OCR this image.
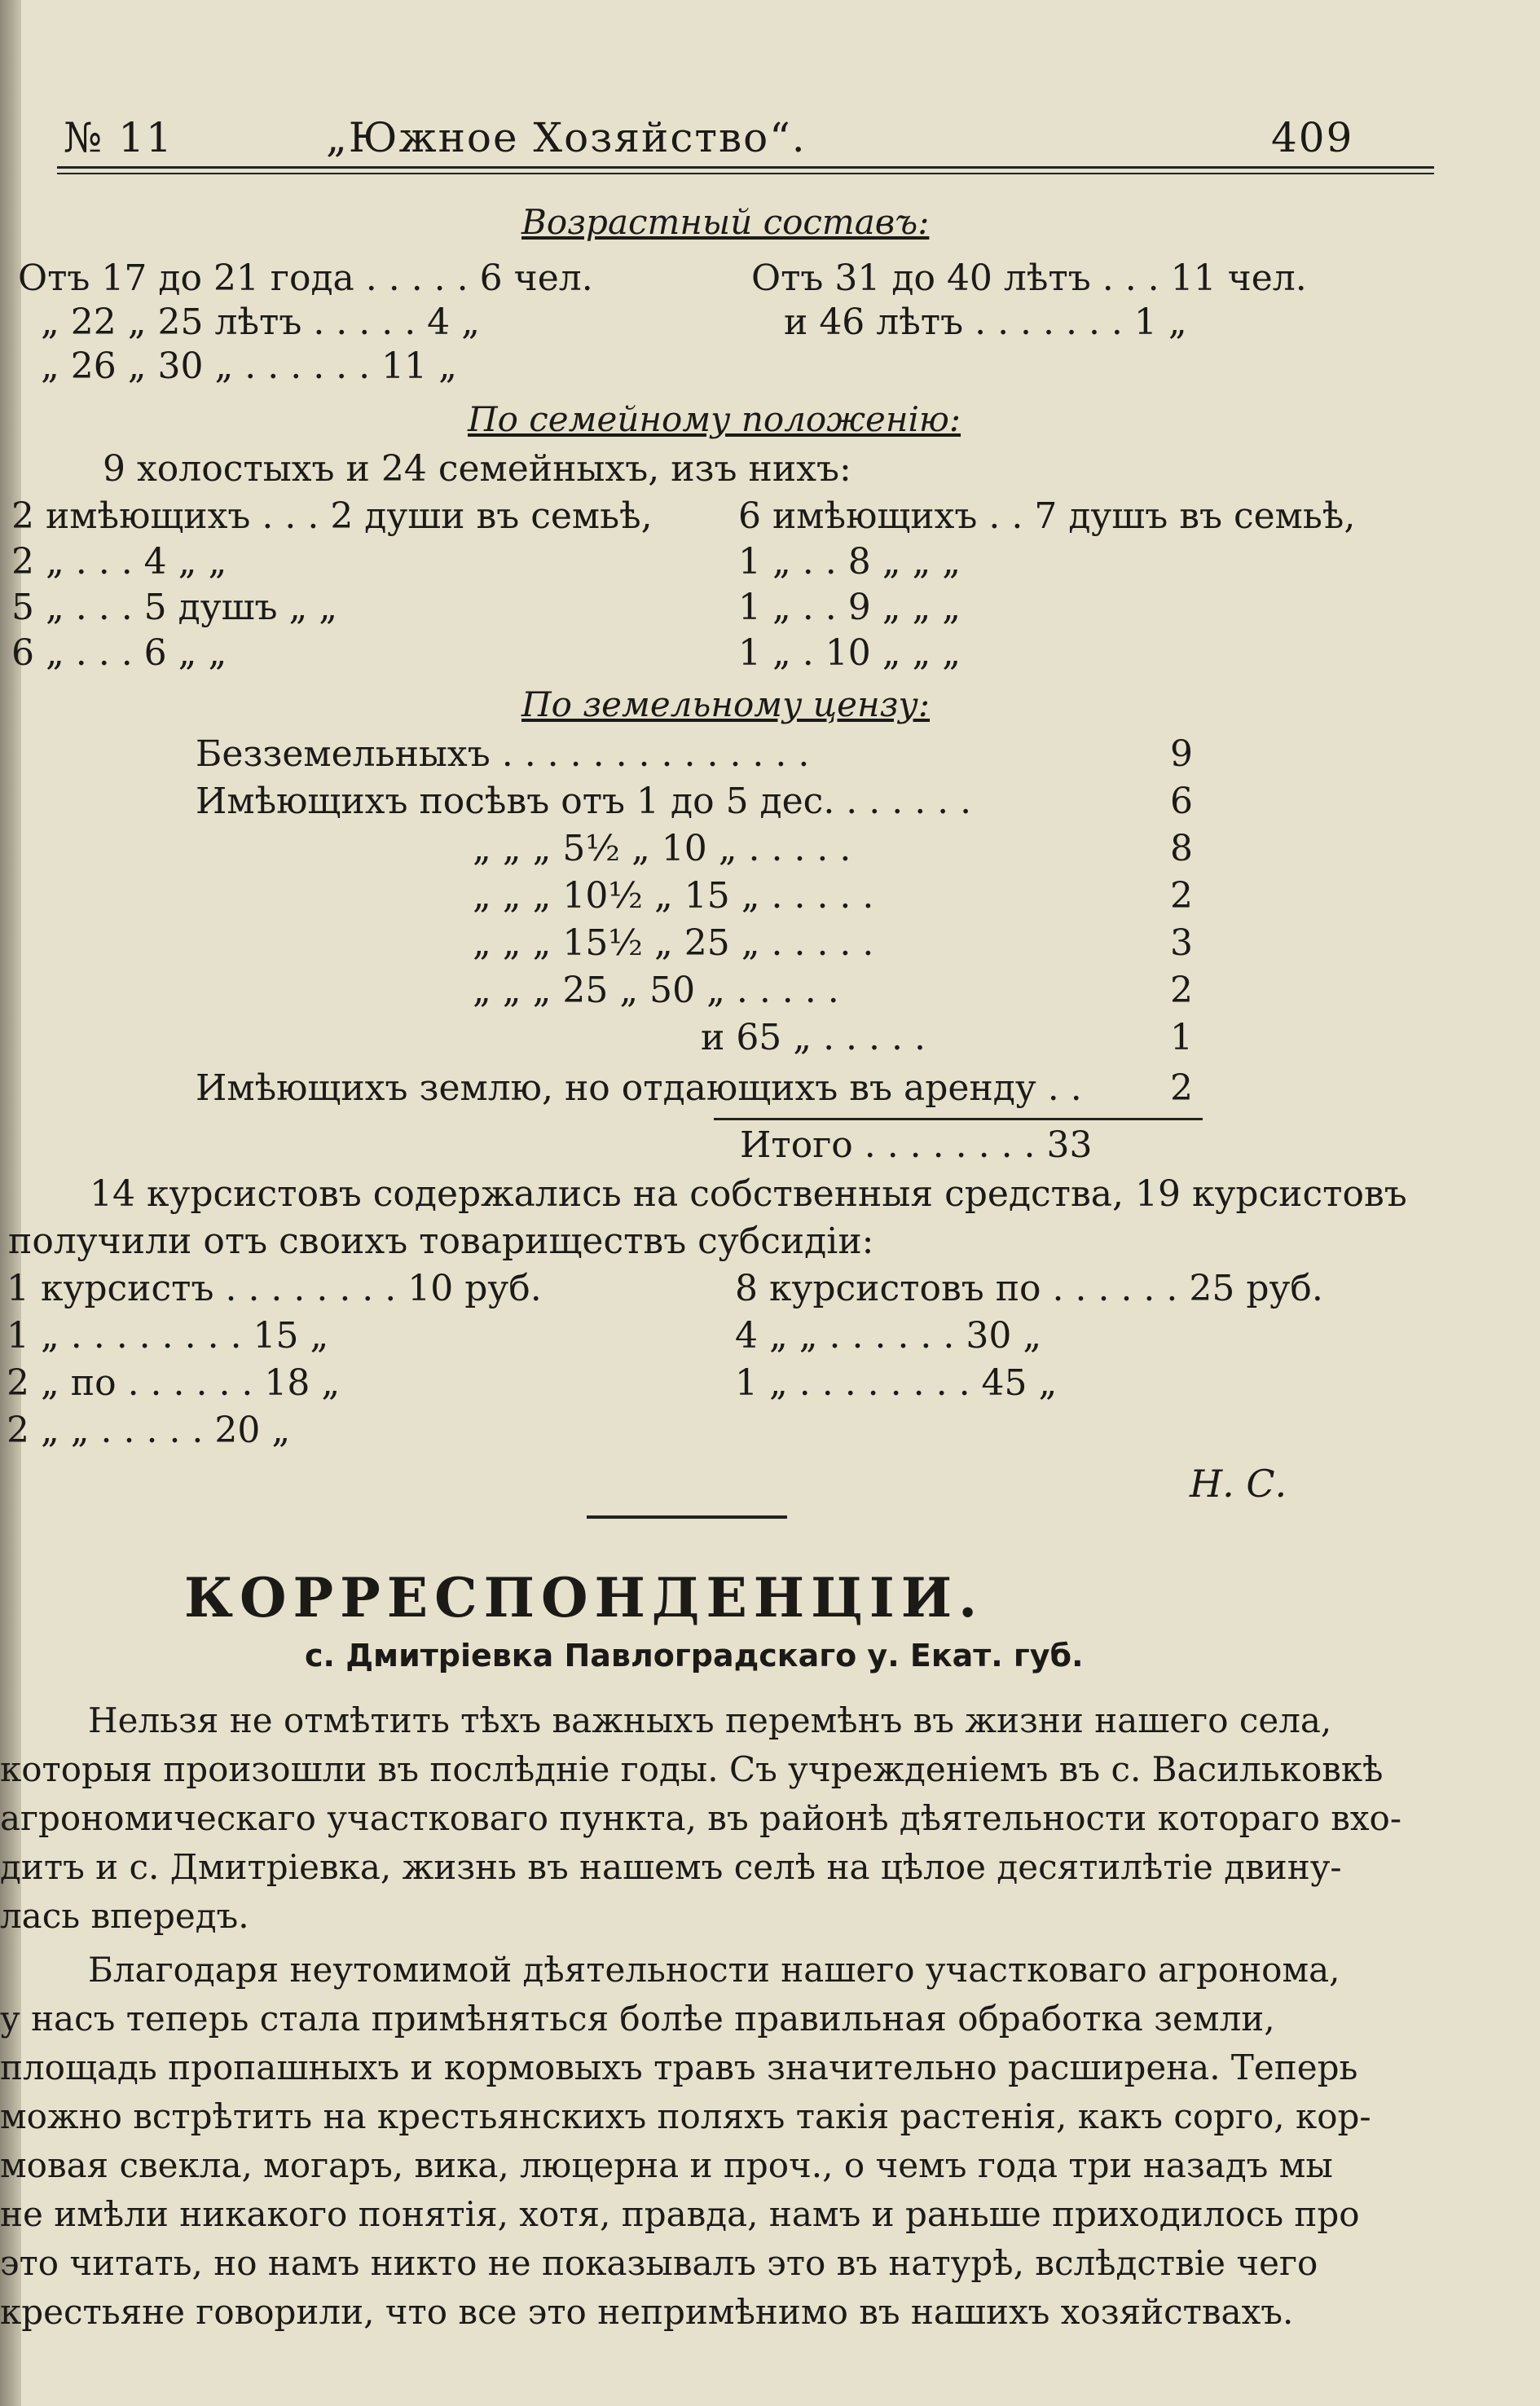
№ 11	„Южное Хозяйство“.	409
Возрастный составъ:
Отъ 17 до 21 года . . . . . 6 чел.	Отъ 31 до 40 лѣтъ . . . 11 чел.
„ 22 „ 25 лѣтъ . . . . . 4 „	и 46 лѣтъ . . . . . . . 1 „
„ 26 „ 30 „ . . . . . . 11 „
По семейному положенію:
9 холостыхъ и 24 семейныхъ, изъ нихъ:
2 имѣющихъ . . . 2 души въ семьѣ, 6 имѣющихъ . . 7 душъ въ семьѣ,
2 „ . . . 4 „ „	1 „ . . 8 „ „ „
5 „ . . . 5 душъ „ „	1 „ . . 9 „ „ „
6 „ . . . 6 „ „	1 „ . 10 „ „ „
По земельному цензу:
Безземельныхъ . . . . . . . . . . . . . .	9
Имѣющихъ посѣвъ отъ 1 до 5 дес. . . . . . .	6
„ „ „ 5½ „ 10 „ . . . . .	8
„ „ „ 10½ „ 15 „ . . . . .	2
„ „ „ 15½ „ 25 „ . . . . .	3
„ „ „ 25 „ 50 „ . . . . .	2
и 65 „ . . . . .	1
Имѣющихъ землю, но отдающихъ въ аренду . . 2
Итого . . . . . . . . 33
14 курсистовъ содержались на собственныя средства, 19 курсистовъ
получили отъ своихъ товариществъ субсидіи:
1 курсистъ . . . . . . . . 10 руб.	8 курсистовъ по . . . . . . 25 руб.
1 „ . . . . . . . . 15 „	4 „ „ . . . . . . 30 „
2 „ по . . . . . . 18 „	1 „ . . . . . . . . 45 „
2 „ „ . . . . . 20 „
Н. С.
КОРРЕСПОНДЕНЦІИ.
с. Дмитріевка Павлоградскаго у. Екат. губ.
Нельзя не отмѣтить тѣхъ важныхъ перемѣнъ въ жизни нашего села,
которыя произошли въ послѣдніе годы. Съ учрежденіемъ въ с. Васильковкѣ
агрономическаго участковаго пункта, въ районѣ дѣятельности котораго вхо-
дитъ и с. Дмитріевка, жизнь въ нашемъ селѣ на цѣлое десятилѣтіе двину-
лась впередъ.
Благодаря неутомимой дѣятельности нашего участковаго агронома,
у насъ теперь стала примѣняться болѣе правильная обработка земли,
площадь пропашныхъ и кормовыхъ травъ значительно расширена. Теперь
можно встрѣтить на крестьянскихъ поляхъ такія растенія, какъ сорго, кор-
мовая свекла, могаръ, вика, люцерна и проч., о чемъ года три назадъ мы
не имѣли никакого понятія, хотя, правда, намъ и раньше приходилось про
это читать, но намъ никто не показывалъ это въ натурѣ, вслѣдствіе чего
крестьяне говорили, что все это непримѣнимо въ нашихъ хозяйствахъ.
